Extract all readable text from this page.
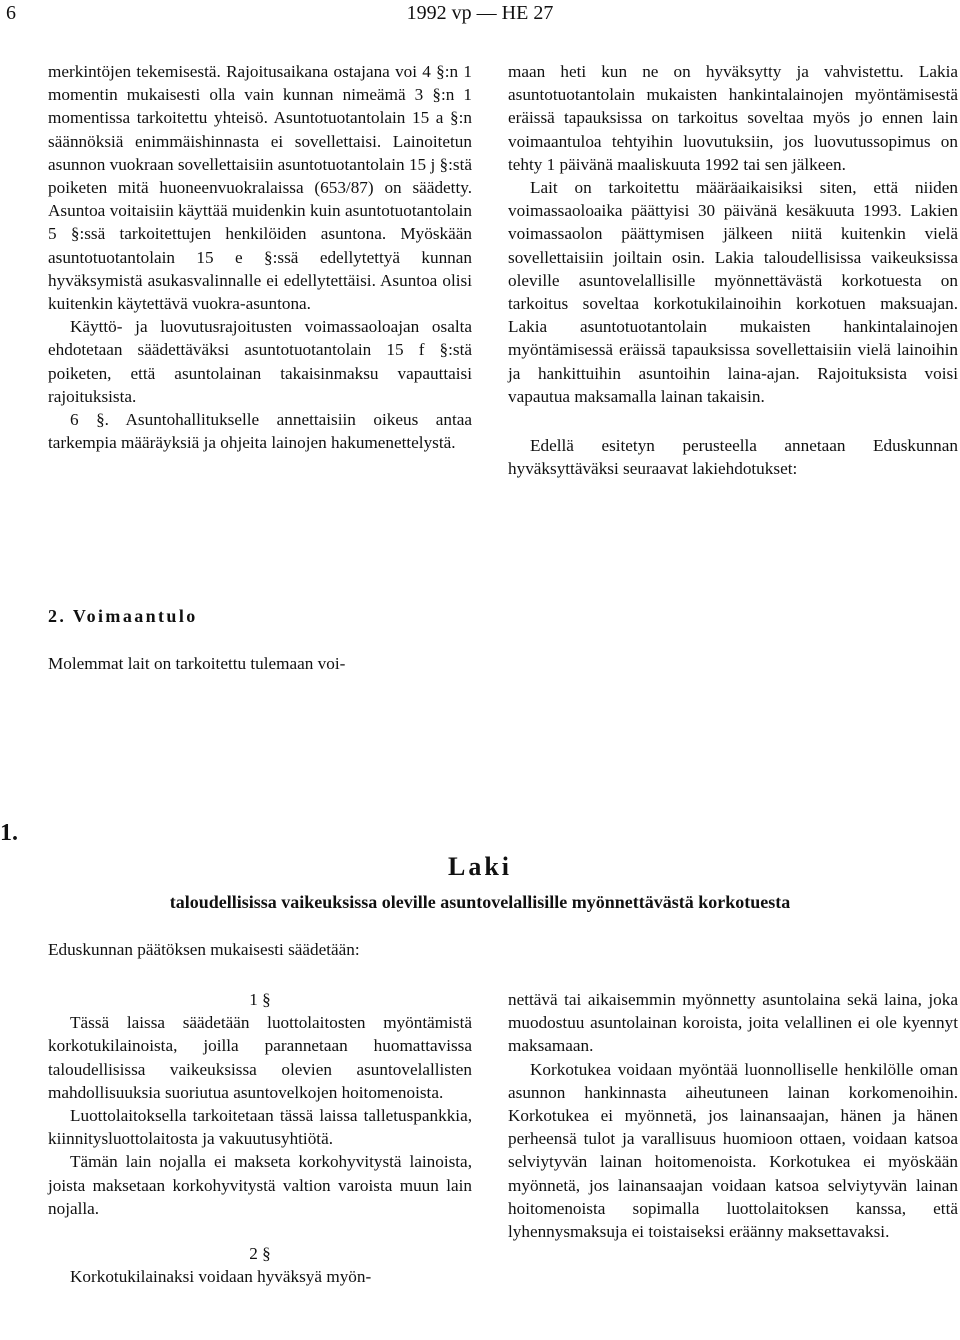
6	1992 vp — HE 27

merkintöjen tekemisestä. Rajoitusaikana ostajana voi 4 §:n 1 momentin mukaisesti olla vain kunnan nimeämä 3 §:n 1 momentissa tarkoitettu yhteisö. Asuntotuotantolain 15 a §:n säännöksiä enimmäishinnasta ei sovellettaisi. Lainoitetun asunnon vuokraan sovellettaisiin asuntotuotantolain 15 j §:stä poiketen mitä huoneenvuokralaissa (653/87) on säädetty. Asuntoa voitaisiin käyttää muidenkin kuin asuntotuotantolain 5 §:ssä tarkoitettujen henkilöiden asuntona. Myöskään asuntotuotantolain 15 e §:ssä edellytettyä kunnan hyväksymistä asukasvalinnalle ei edellytettäisi. Asuntoa olisi kuitenkin käytettävä vuokra-asuntona.

Käyttö- ja luovutusrajoitusten voimassaoloajan osalta ehdotetaan säädettäväksi asuntotuotantolain 15 f §:stä poiketen, että asuntolainan takaisinmaksu vapauttaisi rajoituksista.

6 §. Asuntohallitukselle annettaisiin oikeus antaa tarkempia määräyksiä ja ohjeita lainojen hakumenettelystä.

2. Voimaantulo
Molemmat lait on tarkoitettu tulemaan voi-

maan heti kun ne on hyväksytty ja vahvistettu. Lakia asuntotuotantolain mukaisten hankintalainojen myöntämisestä eräissä tapauksissa on tarkoitus soveltaa myös jo ennen lain voimaantuloa tehtyihin luovutuksiin, jos luovutussopimus on tehty 1 päivänä maaliskuuta 1992 tai sen jälkeen.

Lait on tarkoitettu määräaikaisiksi siten, että niiden voimassaoloaika päättyisi 30 päivänä kesäkuuta 1993. Lakien voimassaolon päättymisen jälkeen niitä kuitenkin vielä sovellettaisiin joiltain osin. Lakia taloudellisissa vaikeuksissa oleville asuntovelallisille myönnettävästä korkotuesta on tarkoitus soveltaa korkotukilainoihin korkotuen maksuajan. Lakia asuntotuotantolain mukaisten hankintalainojen myöntämisessä eräissä tapauksissa sovellettaisiin vielä lainoihin ja hankittuihin asuntoihin laina-ajan. Rajoituksista voisi vapautua maksamalla lainan takaisin.

Edellä esitetyn perusteella annetaan Eduskunnan hyväksyttäväksi seuraavat lakiehdotukset:

1.
Laki
taloudellisissa vaikeuksissa oleville asuntovelallisille myönnettävästä korkotuesta
Eduskunnan päätöksen mukaisesti säädetään:

1 §

Tässä laissa säädetään luottolaitosten myöntämistä korkotukilainoista, joilla parannetaan huomattavissa taloudellisissa vaikeuksissa olevien asuntovelallisten mahdollisuuksia suoriutua asuntovelkojen hoitomenoista.

Luottolaitoksella tarkoitetaan tässä laissa talletuspankkia, kiinnitysluottolaitosta ja vakuutusyhtiötä.

Tämän lain nojalla ei makseta korkohyvitystä lainoista, joista maksetaan korkohyvitystä valtion varoista muun lain nojalla.

2 §

Korkotukilainaksi voidaan hyväksyä myön-

nettävä tai aikaisemmin myönnetty asuntolaina sekä laina, joka muodostuu asuntolainan koroista, joita velallinen ei ole kyennyt maksamaan.

Korkotukea voidaan myöntää luonnolliselle henkilölle oman asunnon hankinnasta aiheutuneen lainan korkomenoihin. Korkotukea ei myönnetä, jos lainansaajan, hänen ja hänen perheensä tulot ja varallisuus huomioon ottaen, voidaan katsoa selviytyvän lainan hoitomenoista. Korkotukea ei myöskään myönnetä, jos lainansaajan voidaan katsoa selviytyvän lainan hoitomenoista sopimalla luottolaitoksen kanssa, että lyhennysmaksuja ei toistaiseksi eräänny maksettavaksi.
